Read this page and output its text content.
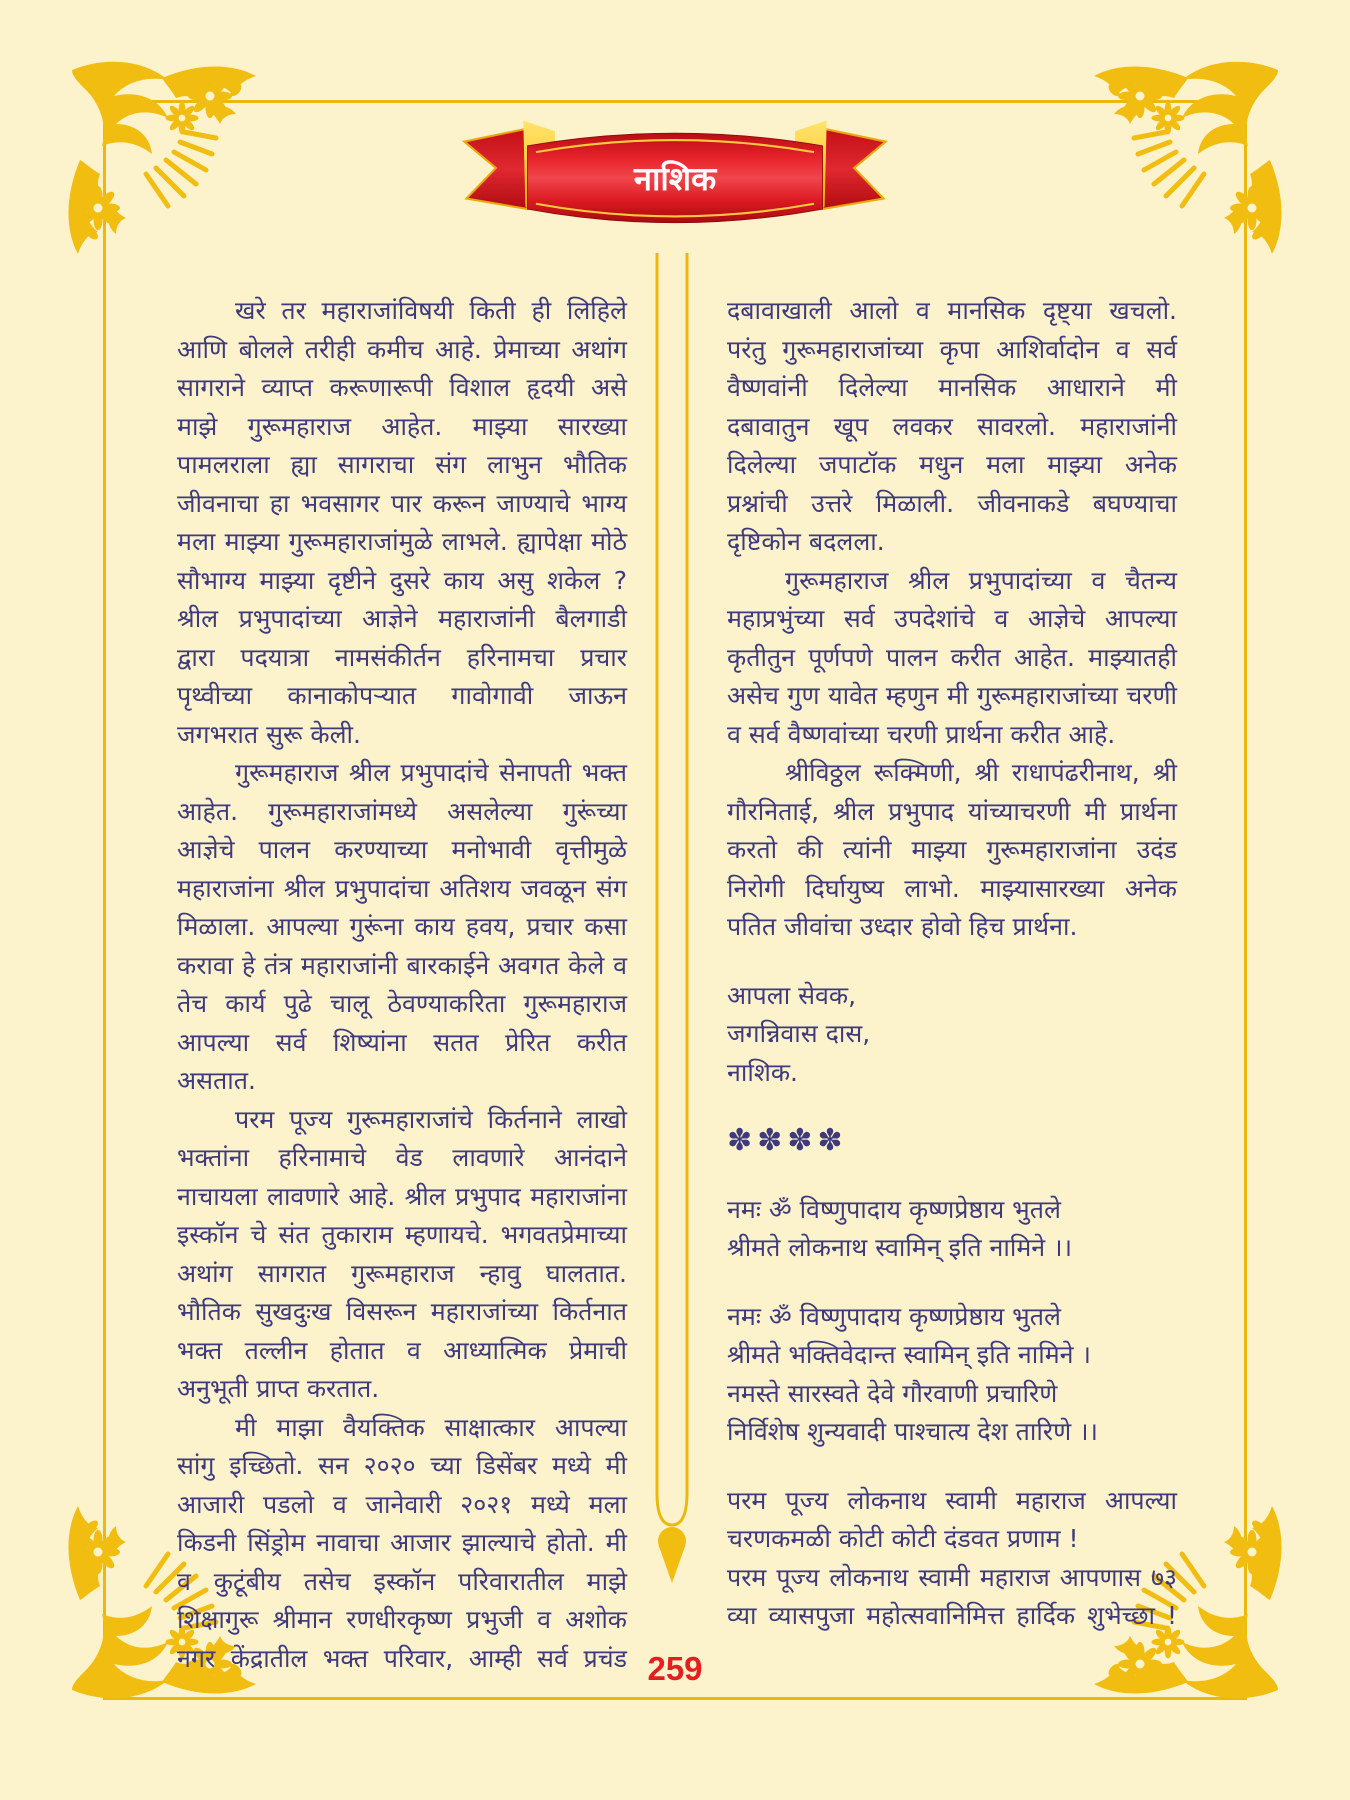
नाशिक
खरे तर महाराजांविषयी किती ही लिहिले
आणि बोलले तरीही कमीच आहे. प्रेमाच्या अथांग
सागराने व्याप्त करूणारूपी विशाल हृदयी असे
माझे गुरूमहाराज आहेत. माझ्या सारख्या
पामलराला ह्या सागराचा संग लाभुन भौतिक
जीवनाचा हा भवसागर पार करून जाण्याचे भाग्य
मला माझ्या गुरूमहाराजांमुळे लाभले. ह्यापेक्षा मोठे
सौभाग्य माझ्या दृष्टीने दुसरे काय असु शकेल ?
श्रील प्रभुपादांच्या आज्ञेने महाराजांनी बैलगाडी
द्वारा पदयात्रा नामसंकीर्तन हरिनामचा प्रचार
पृथ्वीच्या कानाकोपऱ्यात गावोगावी जाऊन
जगभरात सुरू केली.
गुरूमहाराज श्रील प्रभुपादांचे सेनापती भक्त
आहेत. गुरूमहाराजांमध्ये असलेल्या गुरूंच्या
आज्ञेचे पालन करण्याच्या मनोभावी वृत्तीमुळे
महाराजांना श्रील प्रभुपादांचा अतिशय जवळून संग
मिळाला. आपल्या गुरूंना काय हवय, प्रचार कसा
करावा हे तंत्र महाराजांनी बारकाईने अवगत केले व
तेच कार्य पुढे चालू ठेवण्याकरिता गुरूमहाराज
आपल्या सर्व शिष्यांना सतत प्रेरित करीत
असतात.
परम पूज्य गुरूमहाराजांचे किर्तनाने लाखो
भक्तांना हरिनामाचे वेड लावणारे आनंदाने
नाचायला लावणारे आहे. श्रील प्रभुपाद महाराजांना
इस्कॉन चे संत तुकाराम म्हणायचे. भगवतप्रेमाच्या
अथांग सागरात गुरूमहाराज न्हावु घालतात.
भौतिक सुखदुःख विसरून महाराजांच्या किर्तनात
भक्त तल्लीन होतात व आध्यात्मिक प्रेमाची
अनुभूती प्राप्त करतात.
मी माझा वैयक्तिक साक्षात्कार आपल्या
सांगु इच्छितो. सन २०२० च्या डिसेंबर मध्ये मी
आजारी पडलो व जानेवारी २०२१ मध्ये मला
किडनी सिंड्रोम नावाचा आजार झाल्याचे होतो. मी
व कुटूंबीय तसेच इस्कॉन परिवारातील माझे
शिक्षागुरू श्रीमान रणधीरकृष्ण प्रभुजी व अशोक
नगर केंद्रातील भक्त परिवार, आम्ही सर्व प्रचंड
दबावाखाली आलो व मानसिक दृष्ट्या खचलो.
परंतु गुरूमहाराजांच्या कृपा आशिर्वादोन व सर्व
वैष्णवांनी दिलेल्या मानसिक आधाराने मी
दबावातुन खूप लवकर सावरलो. महाराजांनी
दिलेल्या जपाटॉक मधुन मला माझ्या अनेक
प्रश्नांची उत्तरे मिळाली. जीवनाकडे बघण्याचा
दृष्टिकोन बदलला.
गुरूमहाराज श्रील प्रभुपादांच्या व चैतन्य
महाप्रभुंच्या सर्व उपदेशांचे व आज्ञेचे आपल्या
कृतीतुन पूर्णपणे पालन करीत आहेत. माझ्यातही
असेच गुण यावेत म्हणुन मी गुरूमहाराजांच्या चरणी
व सर्व वैष्णवांच्या चरणी प्रार्थना करीत आहे.
श्रीविठ्ठल रूक्मिणी, श्री राधापंढरीनाथ, श्री
गौरनिताई, श्रील प्रभुपाद यांच्याचरणी मी प्रार्थना
करतो की त्यांनी माझ्या गुरूमहाराजांना उदंड
निरोगी दिर्घायुष्य लाभो. माझ्यासारख्या अनेक
पतित जीवांचा उध्दार होवो हिच प्रार्थना.
आपला सेवक,
जगन्निवास दास,
नाशिक.
✽✽✽✽
नमः ॐ विष्णुपादाय कृष्णप्रेष्ठाय भुतले
श्रीमते लोकनाथ स्वामिन् इति नामिने ।।
नमः ॐ विष्णुपादाय कृष्णप्रेष्ठाय भुतले
श्रीमते भक्तिवेदान्त स्वामिन् इति नामिने ।
नमस्ते सारस्वते देवे गौरवाणी प्रचारिणे
निर्विशेष शुन्यवादी पाश्चात्य देश तारिणे ।।
परम पूज्य लोकनाथ स्वामी महाराज आपल्या
चरणकमळी कोटी कोटी दंडवत प्रणाम !
परम पूज्य लोकनाथ स्वामी महाराज आपणास ७३
व्या व्यासपुजा महोत्सवानिमित्त हार्दिक शुभेच्छा !
259
